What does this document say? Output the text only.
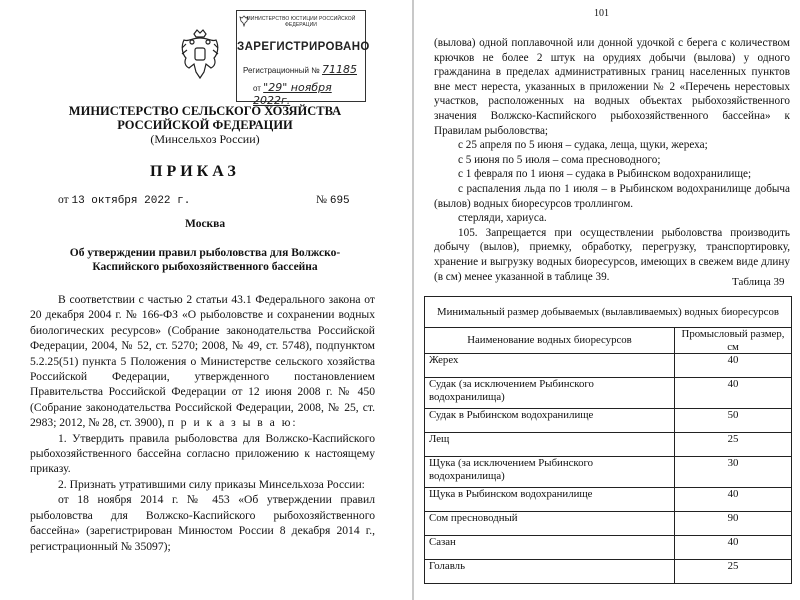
МИНИСТЕРСТВО ЮСТИЦИИ РОССИЙСКОЙ ФЕДЕРАЦИИ
ЗАРЕГИСТРИРОВАНО
Регистрационный № 71185
от "29" ноября 2022г.
МИНИСТЕРСТВО СЕЛЬСКОГО ХОЗЯЙСТВА
РОССИЙСКОЙ ФЕДЕРАЦИИ
(Минсельхоз России)
ПРИКАЗ
от 13 октября 2022 г.	№ 695
Москва
Об утверждении правил рыболовства для Волжско-Каспийского рыбохозяйственного бассейна

В соответствии с частью 2 статьи 43.1 Федерального закона от 20 декабря 2004 г. № 166-ФЗ «О рыболовстве и сохранении водных биологических ресурсов» (Собрание законодательства Российской Федерации, 2004, № 52, ст. 5270; 2008, № 49, ст. 5748), подпунктом 5.2.25(51) пункта 5 Положения о Министерстве сельского хозяйства Российской Федерации, утвержденного постановлением Правительства Российской Федерации от 12 июня 2008 г. № 450 (Собрание законодательства Российской Федерации, 2008, № 25, ст. 2983; 2012, № 28, ст. 3900), п р и к а з ы в а ю:

1. Утвердить правила рыболовства для Волжско-Каспийского рыбохозяйственного бассейна согласно приложению к настоящему приказу.

2. Признать утратившими силу приказы Минсельхоза России:

от 18 ноября 2014 г. № 453 «Об утверждении правил рыболовства для Волжско-Каспийского рыбохозяйственного бассейна» (зарегистрирован Минюстом России 8 декабря 2014 г., регистрационный № 35097);

101

(вылова) одной поплавочной или донной удочкой с берега с количеством крючков не более 2 штук на орудиях добычи (вылова) у одного гражданина в пределах административных границ населенных пунктов вне мест нереста, указанных в приложении № 2 «Перечень нерестовых участков, расположенных на водных объектах рыбохозяйственного значения Волжско-Каспийского рыбохозяйственного бассейна» к Правилам рыболовства;

с 25 апреля по 5 июня – судака, леща, щуки, жереха;

с 5 июня по 5 июля – сома пресноводного;

с 1 февраля по 1 июня – судака в Рыбинском водохранилище;

с распаления льда по 1 июля – в Рыбинском водохранилище добыча (вылов) водных биоресурсов троллингом.

стерляди, хариуса.

105. Запрещается при осуществлении рыболовства производить добычу (вылов), приемку, обработку, перегрузку, транспортировку, хранение и выгрузку водных биоресурсов, имеющих в свежем виде длину (в см) менее указанной в таблице 39.	Таблица 39
Минимальный размер добываемых (вылавливаемых) водных биоресурсов	
Наименование водных биоресурсов	Промысловый размер, см
Жерех	40
Судак (за исключением Рыбинского водохранилища)	40
Судак в Рыбинском водохранилище	50
Лещ	25
Щука (за исключением Рыбинского водохранилища)	30
Щука в Рыбинском водохранилище	40
Сом пресноводный	90
Сазан	40
Голавль	25
